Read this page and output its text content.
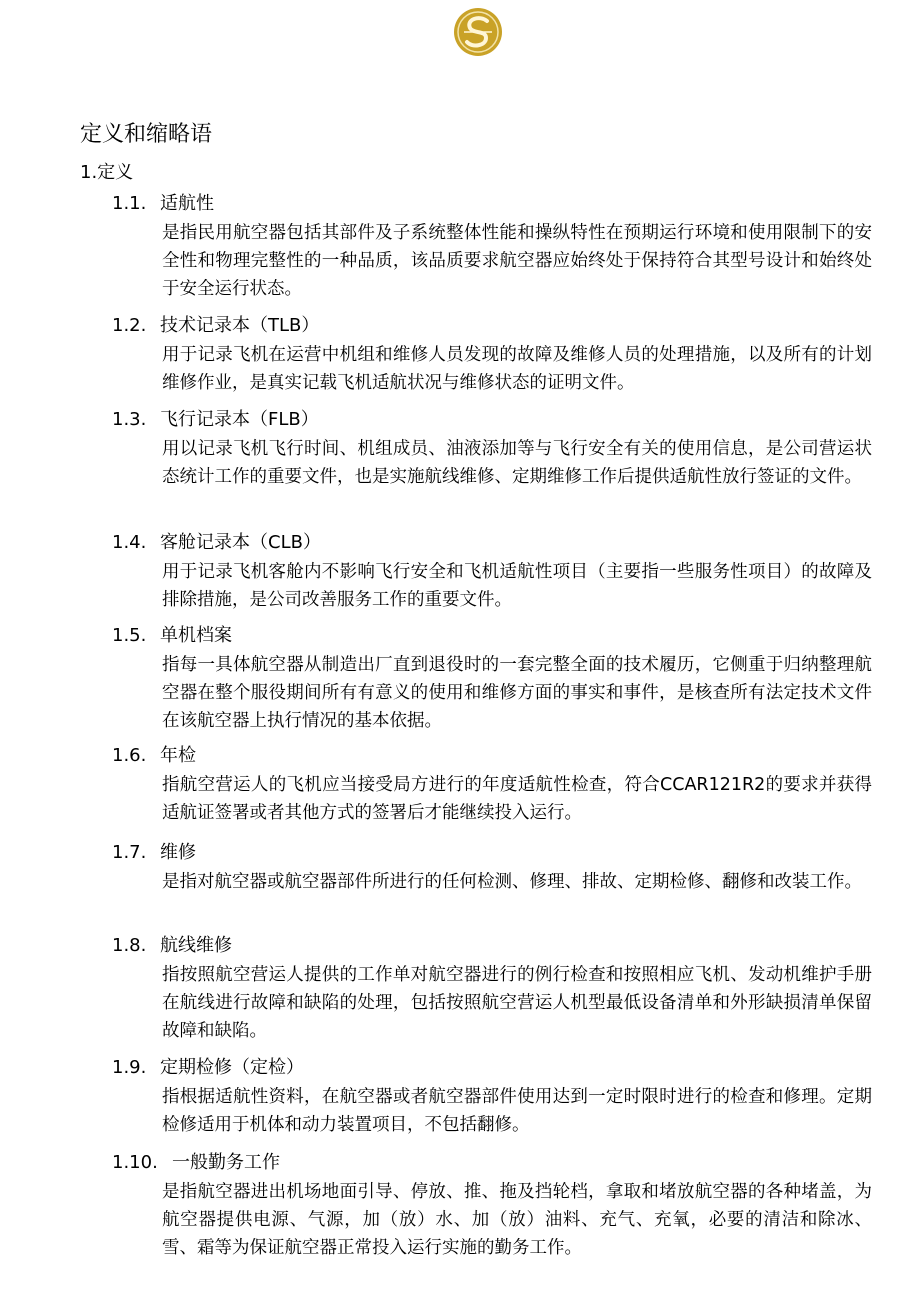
定义和缩略语
1.定义
1.1. 适航性
是指民用航空器包括其部件及子系统整体性能和操纵特性在预期运行环境和使用限制下的安全性和物理完整性的一种品质，该品质要求航空器应始终处于保持符合其型号设计和始终处于安全运行状态。
1.2. 技术记录本（TLB）
用于记录飞机在运营中机组和维修人员发现的故障及维修人员的处理措施，以及所有的计划维修作业，是真实记载飞机适航状况与维修状态的证明文件。
1.3. 飞行记录本（FLB）
用以记录飞机飞行时间、机组成员、油液添加等与飞行安全有关的使用信息，是公司营运状态统计工作的重要文件，也是实施航线维修、定期维修工作后提供适航性放行签证的文件。
1.4. 客舱记录本（CLB）
用于记录飞机客舱内不影响飞行安全和飞机适航性项目（主要指一些服务性项目）的故障及排除措施，是公司改善服务工作的重要文件。
1.5. 单机档案
指每一具体航空器从制造出厂直到退役时的一套完整全面的技术履历，它侧重于归纳整理航空器在整个服役期间所有有意义的使用和维修方面的事实和事件，是核查所有法定技术文件在该航空器上执行情况的基本依据。
1.6. 年检
指航空营运人的飞机应当接受局方进行的年度适航性检查，符合CCAR121R2的要求并获得适航证签署或者其他方式的签署后才能继续投入运行。
1.7. 维修
是指对航空器或航空器部件所进行的任何检测、修理、排故、定期检修、翻修和改装工作。
1.8. 航线维修
指按照航空营运人提供的工作单对航空器进行的例行检查和按照相应飞机、发动机维护手册在航线进行故障和缺陷的处理，包括按照航空营运人机型最低设备清单和外形缺损清单保留故障和缺陷。
1.9. 定期检修（定检）
指根据适航性资料，在航空器或者航空器部件使用达到一定时限时进行的检查和修理。定期检修适用于机体和动力装置项目，不包括翻修。
1.10. 一般勤务工作
是指航空器进出机场地面引导、停放、推、拖及挡轮档，拿取和堵放航空器的各种堵盖，为航空器提供电源、气源，加（放）水、加（放）油料、充气、充氧，必要的清洁和除冰、雪、霜等为保证航空器正常投入运行实施的勤务工作。
